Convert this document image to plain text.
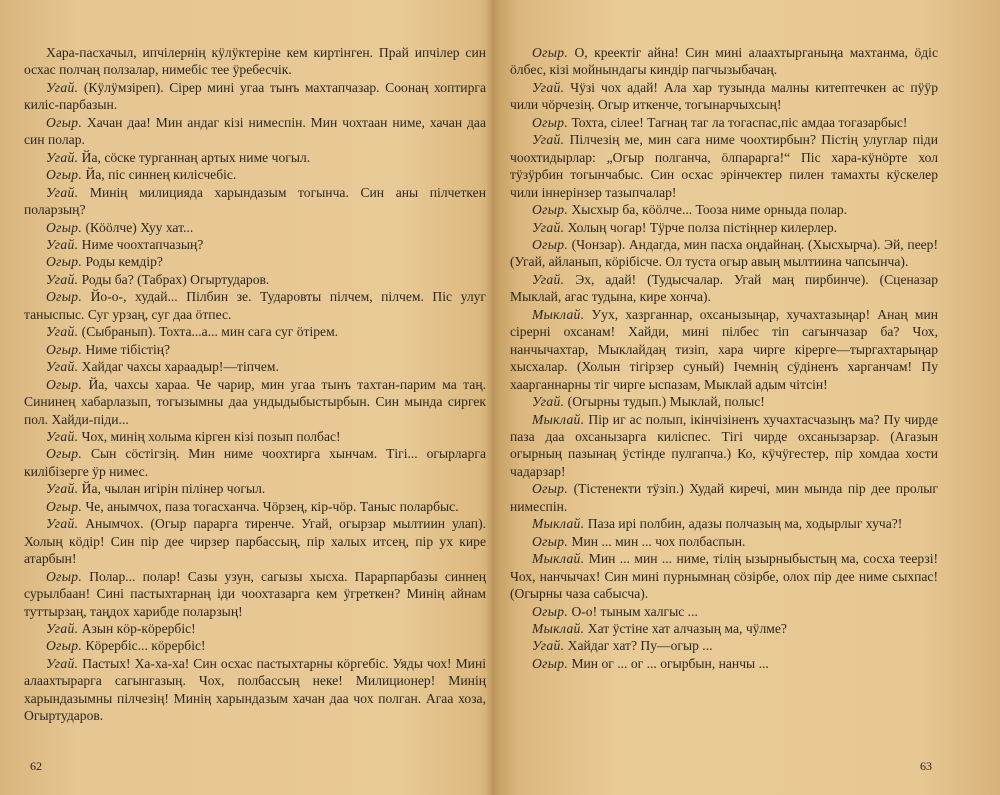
Хара-пасхачыл, ипчілернің кӱлӱктеріне кем киртінген. Прай ипчілер син осхас полчаң ползалар, нимебіс тее ӱребесчік.

Угай. (Кӱлӱмзіреп). Сірер мині угаа тынъ махтапчазар. Соонаң хоптирга киліс-парбазын.

Огыр. Хачан даа! Мин андаг кізі нимеспін. Мин чохтаан ниме, хачан даа син полар.

Угай. Йа, сӧске турганнаң артых ниме чогыл.

Огыр. Йа, піс синнең килісчебіс.

Угай. Минің милицияда харындазым тогынча. Син аны пілчеткен поларзың?

Огыр. (Кӧӧлче) Хуу хат...

Угай. Ниме чоохтапчазың?

Огыр. Роды кемдір?

Угай. Роды ба? (Табрах) Огыртударов.

Огыр. Йо-о-, худай... Пілбин зе. Тударовты пілчем, пілчем. Піс улуг таныспыс. Суг урзаң, суг даа ӧтпес.

Угай. (Сыбранып). Тохта...а... мин сага суг ӧтірем.

Огыр. Ниме тібістің?

Угай. Хайдаг чахсы хараадыр!—тіпчем.

Огыр. Йа, чахсы хараа. Че чарир, мин угаа тынъ тахтан-парим ма таң. Сининең хабарлазып, тогызымны даа ундыдыбыстырбын. Син мында сиргек пол. Хайди-піди...

Угай. Чох, минің холыма кірген кізі позып полбас!

Огыр. Сын сӧстігзің. Мин ниме чоохтирга хынчам. Тігі... огырларга килібізерге ӱр нимес.

Угай. Йа, чылан игірін пілінер чогыл.

Огыр. Че, анымчох, паза тогасханча. Чӧрзең, кір-чӧр. Таныс поларбыс.

Угай. Анымчох. (Огыр парарга тиренче. Угай, огырзар мылтиин улап). Холың кӧдір! Син пір дее чирзер парбассың, пір халых итсең, пір ух кире атарбын!

Огыр. Полар... полар! Сазы узун, сагызы хысха. Парарпарбазы синнең сурылбаан! Сині пастыхтарнаң іди чоохтазарга кем ӱгреткен? Минің айнам туттырзаң, таңдох харибде поларзың!

Угай. Азын кӧр-кӧрербіс!

Огыр. Кӧрербіс... кӧрербіс!

Угай. Пастых! Ха-ха-ха! Син осхас пастыхтарны кӧргебіс. Уяды чох! Мині алаахтырарга сагынгазың. Чох, полбассың неке! Милиционер! Минің харындазымны пілчезің! Минің харындазым хачан даа чох полган. Агаа хоза, Огыртударов.

62

Огыр. О, креектіг айна! Син мині алаахтырганыңа махтанма, ӧдіс ӧлбес, кізі мойнындагы киндір пагчызыбачаң.

Угай. Чӱзі чох адай! Ала хар тузында малны китептечкен ас пӱӱр чили чӧрчезің. Огыр иткенче, тогынарчыхсың!

Огыр. Тохта, сілее! Тагнаң таг ла тогаспас,піс амдаа тогазарбыс!

Угай. Пілчезің ме, мин сага ниме чоохтирбын? Пістің улуглар піди чоохтидырлар: „Огыр полганча, ӧлпарарга!“ Піс хара-кӱнӧрте хол тӱзӱрбин тогынчабыс. Син осхас эрінчектер пилен тамахты кӱскелер чили іннерінзер тазыпчалар!

Огыр. Хысхыр ба, кӧӧлче... Тооза ниме орныда полар.

Угай. Холың чогар! Тӱрче полза пістіңнер килерлер.

Огыр. (Чонзар). Андагда, мин пасха оңдайнаң. (Хысхырча). Эй, пеер! (Угай, айланып, кӧрібісче. Ол туста огыр авың мылтиина чапсынча).

Угай. Эх, адай! (Тудысчалар. Угай маң пирбинче). (Сценазар Мыклай, агас тудына, кире хонча).

Мыклай. Уух, хазрганнар, охсанызыңар, хучахтазыңар! Анаң мин сірерні охсанам! Хайди, мині пілбес тіп сагынчазар ба? Чох, нанчычахтар, Мыклайдаң тизіп, хара чирге кірерге—тыргахтарыңар хысхалар. (Холын тігірзер суный) Ічемнің сӱдіненъ харганчам! Пу хаарганнарны тіг чирге ыспазам, Мыклай адым чітсін!

Угай. (Огырны тудып.) Мыклай, полыс!

Мыклай. Пір иг ас полып, ікінчізіненъ хучахтасчазыңъ ма? Пу чирде паза даа охсанызарга киліспес. Тігі чирде охсанызарзар. (Агазын огырның пазынаң ӱстінде пулгапча.) Ко, кӱчӱгестер, пір хомдаа хости чадарзар!

Огыр. (Тістенекти тӱзіп.) Худай киречі, мин мында пір дее пролыг нимеспін.

Мыклай. Паза ирі полбин, адазы полчазың ма, ходырлыг хуча?!

Огыр. Мин ... мин ... чох полбаспын.

Мыклай. Мин ... мин ... ниме, тілің ызырныбыстың ма, сосха теерзі! Чох, нанчычах! Син мині пурнымнаң сӧзірбе, олох пір дее ниме сыхпас! (Огырны чаза сабысча).

Огыр. О-о! тыным халгыс ...

Мыклай. Хат ӱстіне хат алчазың ма, чӱлме?

Угай. Хайдаг хат? Пу—огыр ...

Огыр. Мин ог ... ог ... огырбын, нанчы ...

63
